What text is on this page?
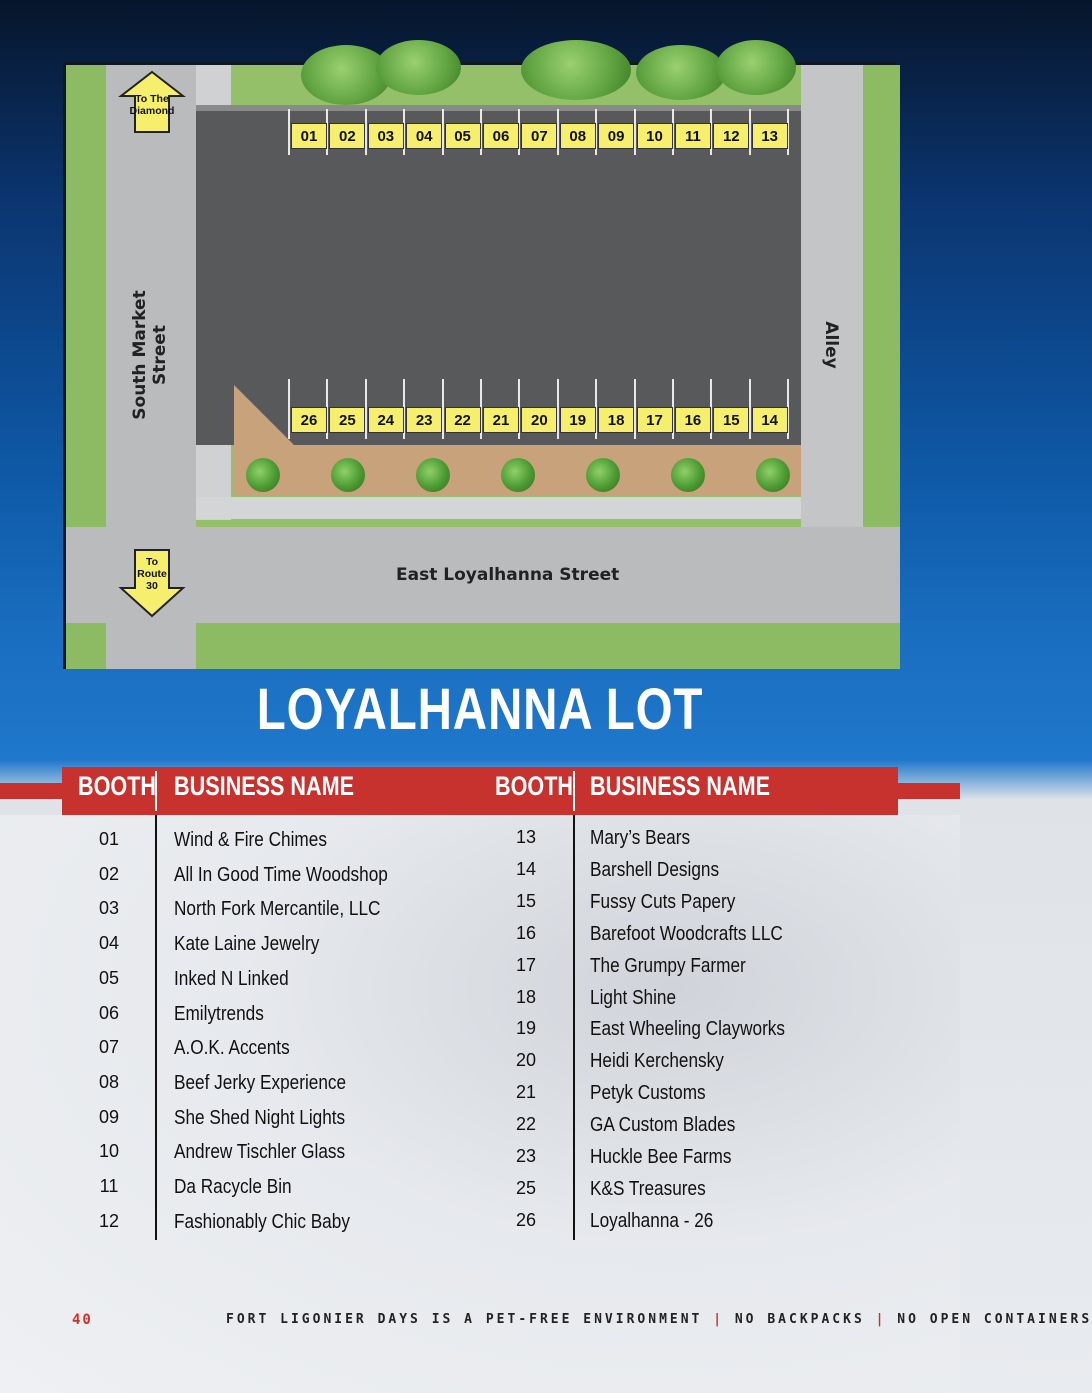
01	02	03	04	05	06	07	08	09	10	11	12	13
26	25	24	23	22	21	20	19	18	17	16	15	14
South Market Street
East Loyalhanna Street
Alley
To The
Diamond
To
Route
30
LOYALHANNA LOT
BOOTH BUSINESS NAME	BOOTH BUSINESS NAME
01	Wind & Fire Chimes
02	All In Good Time Woodshop
03	North Fork Mercantile, LLC
04	Kate Laine Jewelry
05	Inked N Linked
06	Emilytrends
07	A.O.K. Accents
08	Beef Jerky Experience
09	She Shed Night Lights
10	Andrew Tischler Glass
11	Da Racycle Bin
12	Fashionably Chic Baby
13	Mary’s Bears
14	Barshell Designs
15	Fussy Cuts Papery
16	Barefoot Woodcrafts LLC
17	The Grumpy Farmer
18	Light Shine
19	East Wheeling Clayworks
20	Heidi Kerchensky
21	Petyk Customs
22	GA Custom Blades
23	Huckle Bee Farms
25	K&S Treasures
26	Loyalhanna - 26
40	FORT LIGONIER DAYS IS A PET-FREE ENVIRONMENT | NO BACKPACKS | NO OPEN CONTAINERS
